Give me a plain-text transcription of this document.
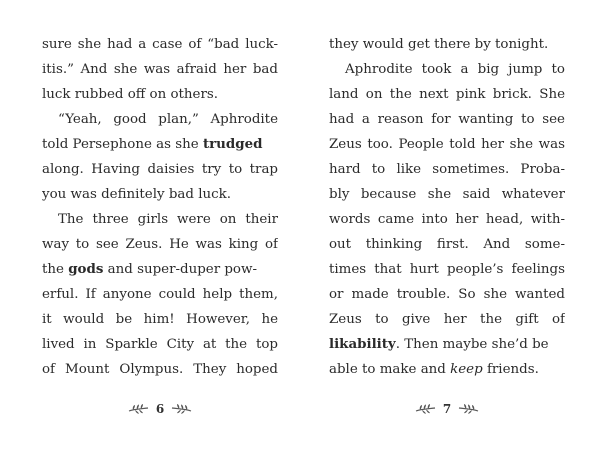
sure she had a case of “bad luck-
itis.” And she was afraid her bad
luck rubbed off on others.
“Yeah, good plan,” Aphrodite
told Persephone as she trudged
along. Having daisies try to trap
you was definitely bad luck.
The three girls were on their
way to see Zeus. He was king of
the gods and super-duper pow-
erful. If anyone could help them,
it would be him! However, he
lived in Sparkle City at the top
of Mount Olympus. They hoped
6
they would get there by tonight.
Aphrodite took a big jump to
land on the next pink brick. She
had a reason for wanting to see
Zeus too. People told her she was
hard to like sometimes. Proba-
bly because she said whatever
words came into her head, with-
out thinking first. And some-
times that hurt people’s feelings
or made trouble. So she wanted
Zeus to give her the gift of
likability. Then maybe she’d be
able to make and keep friends.
7
